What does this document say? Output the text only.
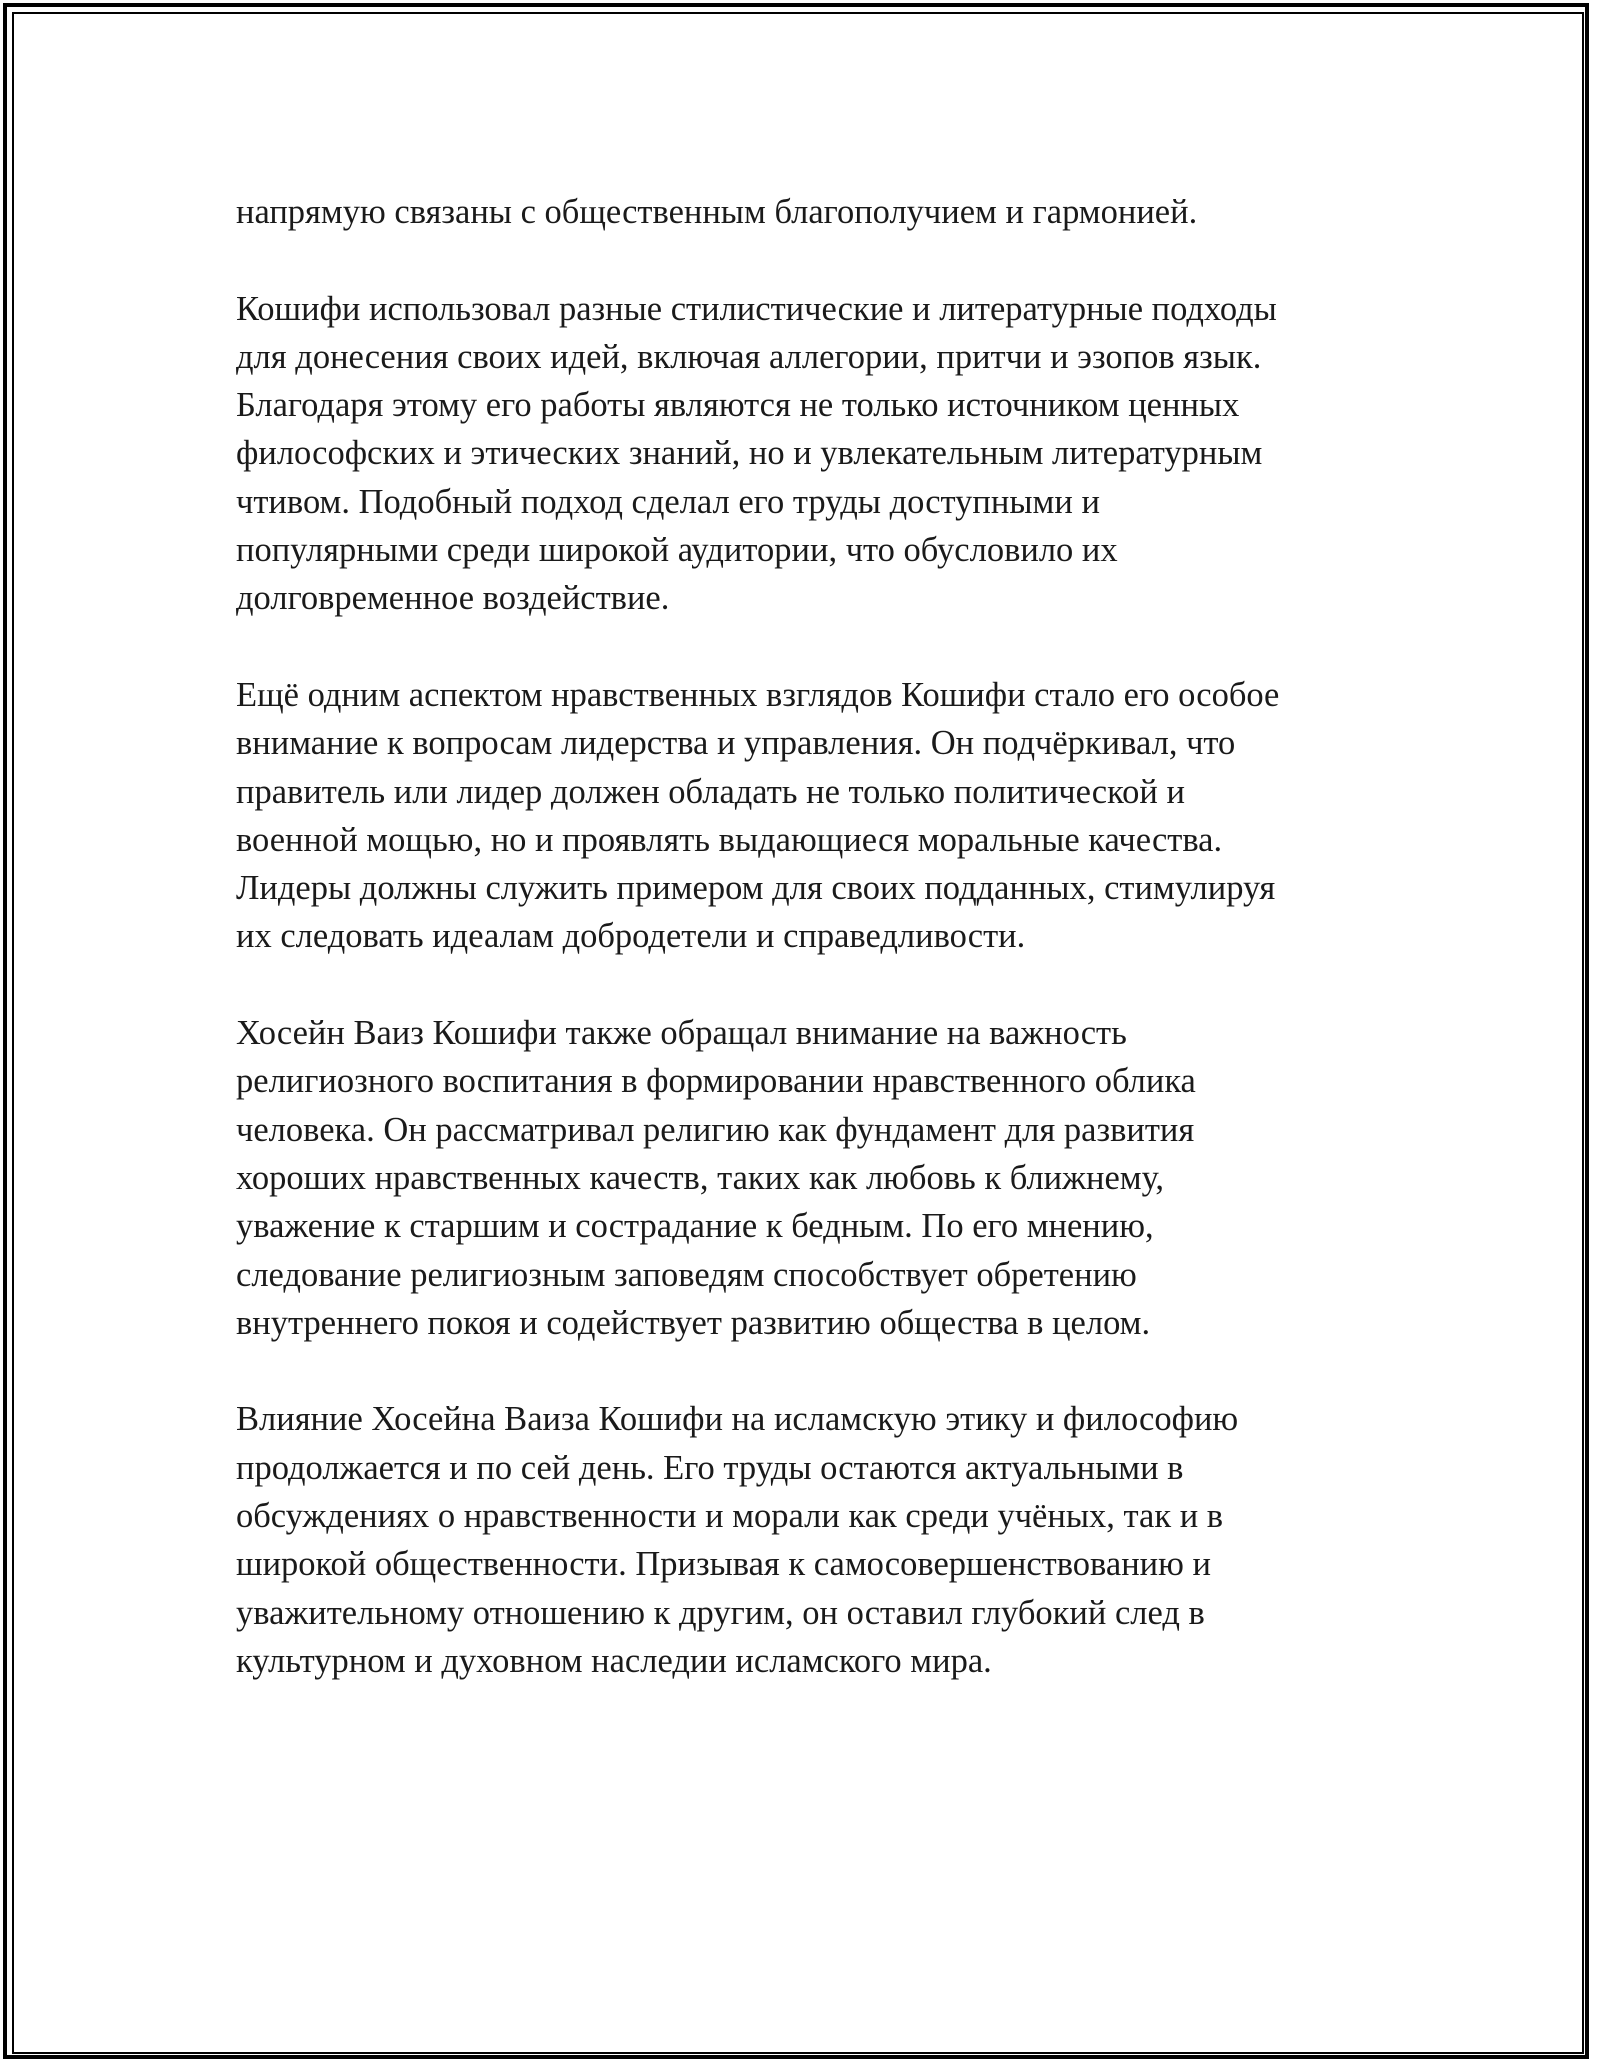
напрямую связаны с общественным благополучием и гармонией.

Кошифи использовал разные стилистические и литературные подходы
для донесения своих идей, включая аллегории, притчи и эзопов язык.
Благодаря этому его работы являются не только источником ценных
философских и этических знаний, но и увлекательным литературным
чтивом. Подобный подход сделал его труды доступными и
популярными среди широкой аудитории, что обусловило их
долговременное воздействие.

Ещё одним аспектом нравственных взглядов Кошифи стало его особое
внимание к вопросам лидерства и управления. Он подчёркивал, что
правитель или лидер должен обладать не только политической и
военной мощью, но и проявлять выдающиеся моральные качества.
Лидеры должны служить примером для своих подданных, стимулируя
их следовать идеалам добродетели и справедливости.

Хосейн Ваиз Кошифи также обращал внимание на важность
религиозного воспитания в формировании нравственного облика
человека. Он рассматривал религию как фундамент для развития
хороших нравственных качеств, таких как любовь к ближнему,
уважение к старшим и сострадание к бедным. По его мнению,
следование религиозным заповедям способствует обретению
внутреннего покоя и содействует развитию общества в целом.

Влияние Хосейна Ваиза Кошифи на исламскую этику и философию
продолжается и по сей день. Его труды остаются актуальными в
обсуждениях о нравственности и морали как среди учёных, так и в
широкой общественности. Призывая к самосовершенствованию и
уважительному отношению к другим, он оставил глубокий след в
культурном и духовном наследии исламского мира.
